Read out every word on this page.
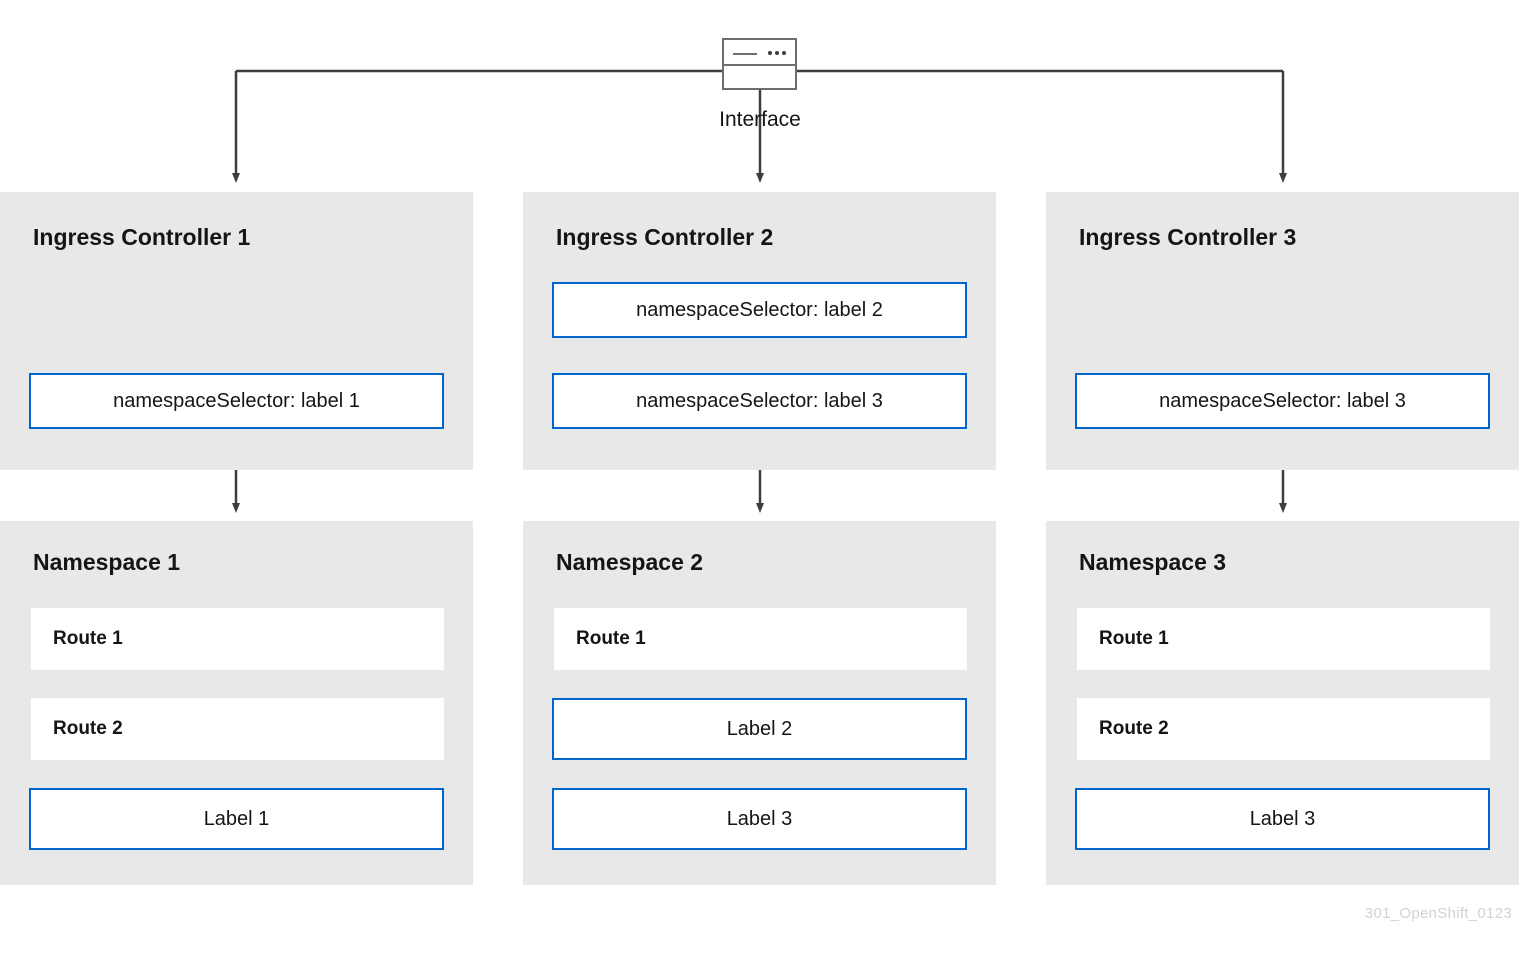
Interface
Ingress Controller 1
namespaceSelector: label 1
Ingress Controller 2
namespaceSelector: label 2
namespaceSelector: label 3
Ingress Controller 3
namespaceSelector: label 3
Namespace 1
Route 1
Route 2
Label 1
Namespace 2
Route 1
Label 2
Label 3
Namespace 3
Route 1
Route 2
Label 3
301_OpenShift_0123
